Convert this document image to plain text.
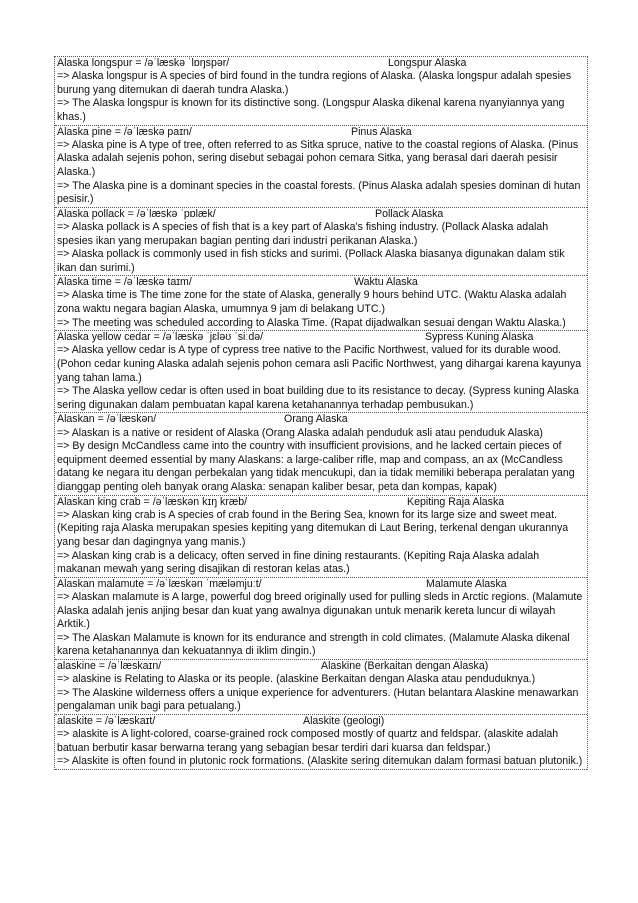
Alaska longspur = /əˈlæskə ˈlɒŋspər/	Longspur Alaska

=> Alaska longspur is A species of bird found in the tundra regions of Alaska. (Alaska longspur adalah spesies burung yang ditemukan di daerah tundra Alaska.)

=> The Alaska longspur is known for its distinctive song. (Longspur Alaska dikenal karena nyanyiannya yang khas.)

Alaska pine = /əˈlæskə paɪn/	Pinus Alaska

=> Alaska pine is A type of tree, often referred to as Sitka spruce, native to the coastal regions of Alaska. (Pinus Alaska adalah sejenis pohon, sering disebut sebagai pohon cemara Sitka, yang berasal dari daerah pesisir Alaska.)

=> The Alaska pine is a dominant species in the coastal forests. (Pinus Alaska adalah spesies dominan di hutan pesisir.)

Alaska pollack = /əˈlæskə ˈpɒlæk/	Pollack Alaska

=> Alaska pollack is A species of fish that is a key part of Alaska's fishing industry. (Pollack Alaska adalah spesies ikan yang merupakan bagian penting dari industri perikanan Alaska.)

=> Alaska pollack is commonly used in fish sticks and surimi. (Pollack Alaska biasanya digunakan dalam stik ikan dan surimi.)

Alaska time = /əˈlæskə taɪm/	Waktu Alaska

=> Alaska time is The time zone for the state of Alaska, generally 9 hours behind UTC. (Waktu Alaska adalah zona waktu negara bagian Alaska, umumnya 9 jam di belakang UTC.)

=> The meeting was scheduled according to Alaska Time. (Rapat dijadwalkan sesuai dengan Waktu Alaska.)

Alaska yellow cedar = /əˈlæskə ˈjɛləʊ ˈsiːdə/	Sypress Kuning Alaska

=> Alaska yellow cedar is A type of cypress tree native to the Pacific Northwest, valued for its durable wood. (Pohon cedar kuning Alaska adalah sejenis pohon cemara asli Pacific Northwest, yang dihargai karena kayunya yang tahan lama.)

=> The Alaska yellow cedar is often used in boat building due to its resistance to decay. (Sypress kuning Alaska sering digunakan dalam pembuatan kapal karena ketahanannya terhadap pembusukan.)

Alaskan = /əˈlæskən/	Orang Alaska

=> Alaskan is a native or resident of Alaska (Orang Alaska adalah penduduk asli atau penduduk Alaska)

=> By design McCandless came into the country with insufficient provisions, and he lacked certain pieces of equipment deemed essential by many Alaskans: a large-caliber rifle, map and compass, an ax (McCandless datang ke negara itu dengan perbekalan yang tidak mencukupi, dan ia tidak memiliki beberapa peralatan yang dianggap penting oleh banyak orang Alaska: senapan kaliber besar, peta dan kompas, kapak)

Alaskan king crab = /əˈlæskən kɪŋ kræb/	Kepiting Raja Alaska

=> Alaskan king crab is A species of crab found in the Bering Sea, known for its large size and sweet meat. (Kepiting raja Alaska merupakan spesies kepiting yang ditemukan di Laut Bering, terkenal dengan ukurannya yang besar dan dagingnya yang manis.)

=> Alaskan king crab is a delicacy, often served in fine dining restaurants. (Kepiting Raja Alaska adalah makanan mewah yang sering disajikan di restoran kelas atas.)

Alaskan malamute = /əˈlæskən ˈmæləmjuːt/	Malamute Alaska

=> Alaskan malamute is A large, powerful dog breed originally used for pulling sleds in Arctic regions. (Malamute Alaska adalah jenis anjing besar dan kuat yang awalnya digunakan untuk menarik kereta luncur di wilayah Arktik.)

=> The Alaskan Malamute is known for its endurance and strength in cold climates. (Malamute Alaska dikenal karena ketahanannya dan kekuatannya di iklim dingin.)

alaskine = /əˈlæskaɪn/	Alaskine (Berkaitan dengan Alaska)

=> alaskine is Relating to Alaska or its people. (alaskine Berkaitan dengan Alaska atau penduduknya.)

=> The Alaskine wilderness offers a unique experience for adventurers. (Hutan belantara Alaskine menawarkan pengalaman unik bagi para petualang.)

alaskite = /əˈlæskaɪt/	Alaskite (geologi)

=> alaskite is A light-colored, coarse-grained rock composed mostly of quartz and feldspar. (alaskite adalah batuan berbutir kasar berwarna terang yang sebagian besar terdiri dari kuarsa dan feldspar.)

=> Alaskite is often found in plutonic rock formations. (Alaskite sering ditemukan dalam formasi batuan plutonik.)
